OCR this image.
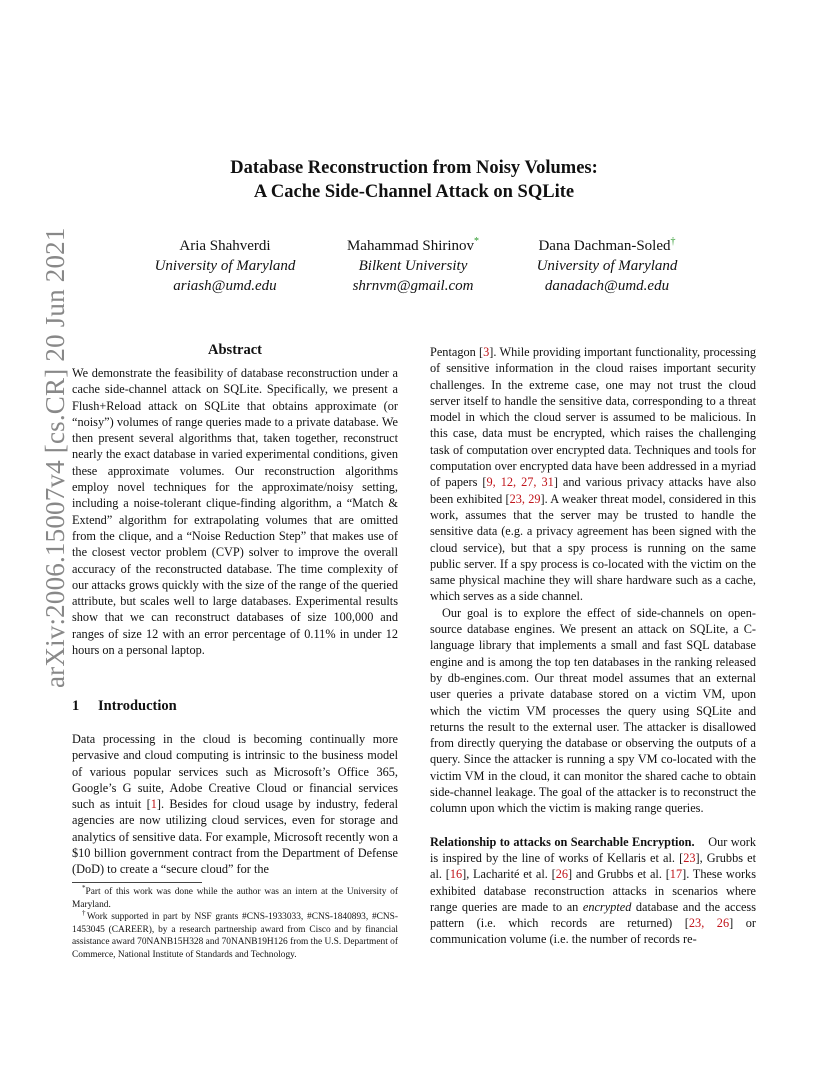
arXiv:2006.15007v4 [cs.CR] 20 Jun 2021
Database Reconstruction from Noisy Volumes:
A Cache Side-Channel Attack on SQLite
Aria Shahverdi
University of Maryland
ariash@umd.edu
Mahammad Shirinov*
Bilkent University
shrnvm@gmail.com
Dana Dachman-Soled†
University of Maryland
danadach@umd.edu
Abstract

We demonstrate the feasibility of database reconstruction under a cache side-channel attack on SQLite. Specifically, we present a Flush+Reload attack on SQLite that obtains approximate (or “noisy”) volumes of range queries made to a private database. We then present several algorithms that, taken together, reconstruct nearly the exact database in varied experimental conditions, given these approximate volumes. Our reconstruction algorithms employ novel techniques for the approximate/noisy setting, including a noise-tolerant clique-finding algorithm, a “Match & Extend” algorithm for extrapolating volumes that are omitted from the clique, and a “Noise Reduction Step” that makes use of the closest vector problem (CVP) solver to improve the overall accuracy of the reconstructed database. The time complexity of our attacks grows quickly with the size of the range of the queried attribute, but scales well to large databases. Experimental results show that we can reconstruct databases of size 100,000 and ranges of size 12 with an error percentage of 0.11% in under 12 hours on a personal laptop.

1 Introduction

Data processing in the cloud is becoming continually more pervasive and cloud computing is intrinsic to the business model of various popular services such as Microsoft’s Office 365, Google’s G suite, Adobe Creative Cloud or financial services such as intuit [1]. Besides for cloud usage by industry, federal agencies are now utilizing cloud services, even for storage and analytics of sensitive data. For example, Microsoft recently won a $10 billion government contract from the Department of Defense (DoD) to create a “secure cloud” for the

*Part of this work was done while the author was an intern at the University of Maryland.

†Work supported in part by NSF grants #CNS-1933033, #CNS-1840893, #CNS-1453045 (CAREER), by a research partnership award from Cisco and by financial assistance award 70NANB15H328 and 70NANB19H126 from the U.S. Department of Commerce, National Institute of Standards and Technology.

Pentagon [3]. While providing important functionality, processing of sensitive information in the cloud raises important security challenges. In the extreme case, one may not trust the cloud server itself to handle the sensitive data, corresponding to a threat model in which the cloud server is assumed to be malicious. In this case, data must be encrypted, which raises the challenging task of computation over encrypted data. Techniques and tools for computation over encrypted data have been addressed in a myriad of papers [9, 12, 27, 31] and various privacy attacks have also been exhibited [23, 29]. A weaker threat model, considered in this work, assumes that the server may be trusted to handle the sensitive data (e.g. a privacy agreement has been signed with the cloud service), but that a spy process is running on the same public server. If a spy process is co-located with the victim on the same physical machine they will share hardware such as a cache, which serves as a side channel.

Our goal is to explore the effect of side-channels on open-source database engines. We present an attack on SQLite, a C-language library that implements a small and fast SQL database engine and is among the top ten databases in the ranking released by db-engines.com. Our threat model assumes that an external user queries a private database stored on a victim VM, upon which the victim VM processes the query using SQLite and returns the result to the external user. The attacker is disallowed from directly querying the database or observing the outputs of a query. Since the attacker is running a spy VM co-located with the victim VM in the cloud, it can monitor the shared cache to obtain side-channel leakage. The goal of the attacker is to reconstruct the column upon which the victim is making range queries.

Relationship to attacks on Searchable Encryption. Our work is inspired by the line of works of Kellaris et al. [23], Grubbs et al. [16], Lacharité et al. [26] and Grubbs et al. [17]. These works exhibited database reconstruction attacks in scenarios where range queries are made to an encrypted database and the access pattern (i.e. which records are returned) [23, 26] or communication volume (i.e. the number of records re-
